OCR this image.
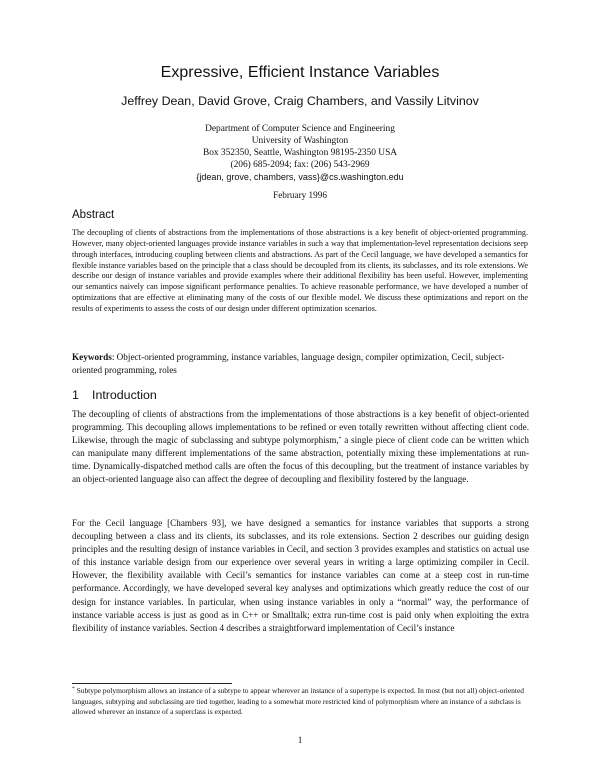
Expressive, Efficient Instance Variables
Jeffrey Dean, David Grove, Craig Chambers, and Vassily Litvinov
Department of Computer Science and Engineering
University of Washington
Box 352350, Seattle, Washington 98195-2350 USA
(206) 685-2094; fax: (206) 543-2969
{jdean, grove, chambers, vass}@cs.washington.edu
February 1996
Abstract
The decoupling of clients of abstractions from the implementations of those abstractions is a key benefit of object-oriented programming. However, many object-oriented languages provide instance variables in such a way that implementation-level representation decisions seep through interfaces, introducing coupling between clients and abstractions. As part of the Cecil language, we have developed a semantics for flexible instance variables based on the principle that a class should be decoupled from its clients, its subclasses, and its role extensions. We describe our design of instance variables and provide examples where their additional flexibility has been useful. However, implementing our semantics naively can impose significant performance penalties. To achieve reasonable performance, we have developed a number of optimizations that are effective at eliminating many of the costs of our flexible model. We discuss these optimizations and report on the results of experiments to assess the costs of our design under different optimization scenarios.
Keywords: Object-oriented programming, instance variables, language design, compiler optimization, Cecil, subject-oriented programming, roles
1 Introduction
The decoupling of clients of abstractions from the implementations of those abstractions is a key benefit of object-oriented programming. This decoupling allows implementations to be refined or even totally rewritten without affecting client code. Likewise, through the magic of subclassing and subtype polymorphism,* a single piece of client code can be written which can manipulate many different implementations of the same abstraction, potentially mixing these implementations at run-time. Dynamically-dispatched method calls are often the focus of this decoupling, but the treatment of instance variables by an object-oriented language also can affect the degree of decoupling and flexibility fostered by the language.
For the Cecil language [Chambers 93], we have designed a semantics for instance variables that supports a strong decoupling between a class and its clients, its subclasses, and its role extensions. Section 2 describes our guiding design principles and the resulting design of instance variables in Cecil, and section 3 provides examples and statistics on actual use of this instance variable design from our experience over several years in writing a large optimizing compiler in Cecil. However, the flexibility available with Cecil’s semantics for instance variables can come at a steep cost in run-time performance. Accordingly, we have developed several key analyses and optimizations which greatly reduce the cost of our design for instance variables. In particular, when using instance variables in only a “normal” way, the performance of instance variable access is just as good as in C++ or Smalltalk; extra run-time cost is paid only when exploiting the extra flexibility of instance variables. Section 4 describes a straightforward implementation of Cecil’s instance
* Subtype polymorphism allows an instance of a subtype to appear wherever an instance of a supertype is expected. In most (but not all) object-oriented languages, subtyping and subclassing are tied together, leading to a somewhat more restricted kind of polymorphism where an instance of a subclass is allowed wherever an instance of a superclass is expected.
1
